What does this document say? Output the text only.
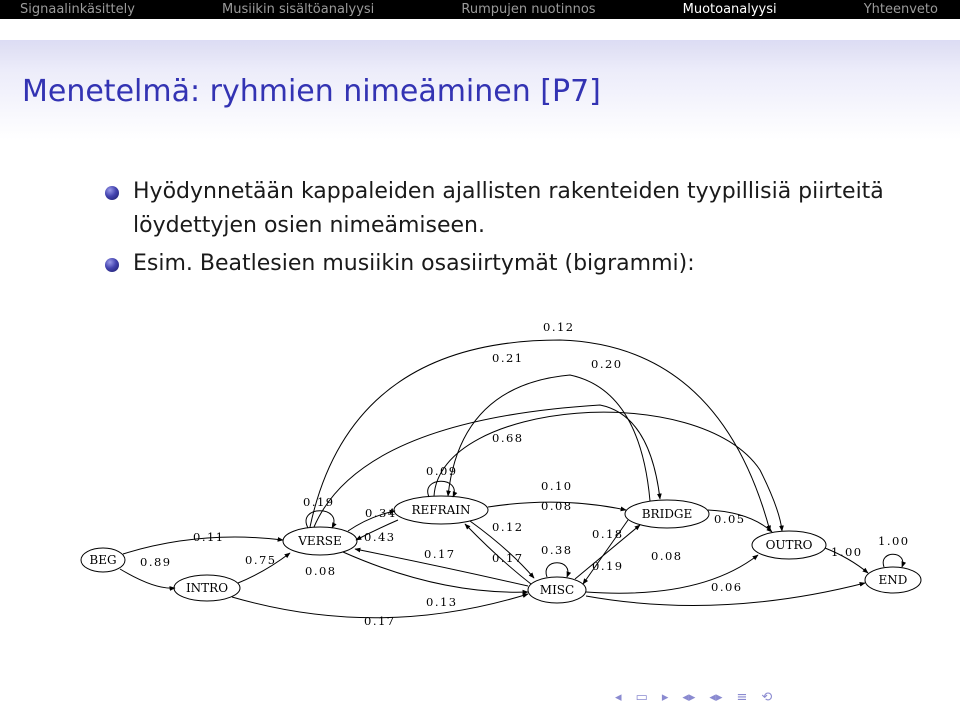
Signaalinkäsittely	Musiikin sisältöanalyysi	Rumpujen nuotinnos	Muotoanalyysi	Yhteenveto
Menetelmä: ryhmien nimeäminen [P7]
Hyödynnetään kappaleiden ajallisten rakenteiden tyypillisiä piirteitä löydettyjen osien nimeämiseen.
Esim. Beatlesien musiikin osasiirtymät (bigrammi):
BEG
INTRO
VERSE
REFRAIN
MISC
BRIDGE
OUTRO
END
0.12
0.21	0.20
0.68
0.09
0.10
0.19
0.34	0.08
0.11	0.43
0.12	0.18
0.05
0.38
0.89	0.75	0.17	0.17
0.19
0.08	1.00
1.00
0.08
0.13
0.06
0.17
◂ ▭ ▸ ◂▸ ◂▸ ≡ ⟲
